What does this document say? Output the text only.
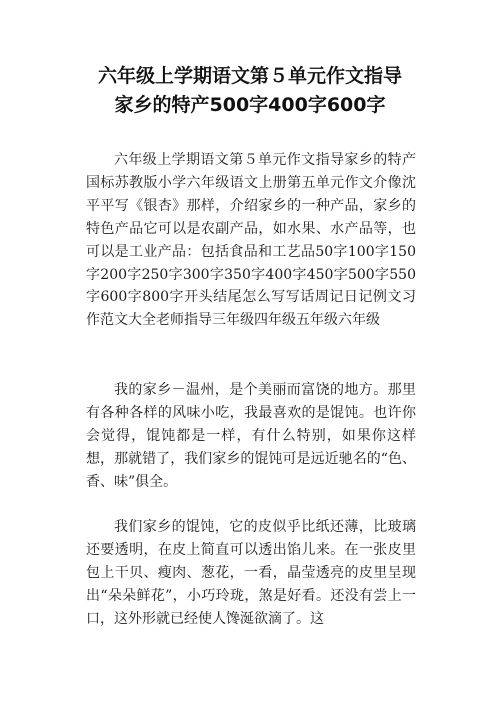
六年级上学期语文第５单元作文指导
家乡的特产500字400字600字

六年级上学期语文第５单元作文指导家乡的特产国标苏教版小学六年级语文上册第五单元作文介像沈平平写《银杏》那样，介绍家乡的一种产品，家乡的特色产品它可以是农副产品，如水果、水产品等，也可以是工业产品：包括食品和工艺品50字100字150字200字250字300字350字400字450字500字550字600字800字开头结尾怎么写写话周记日记例文习作范文大全老师指导三年级四年级五年级六年级

我的家乡－温州，是个美丽而富饶的地方。那里有各种各样的风味小吃，我最喜欢的是馄饨。也许你会觉得，馄饨都是一样，有什么特别，如果你这样想，那就错了，我们家乡的馄饨可是远近驰名的“色、香、味”俱全。

我们家乡的馄饨，它的皮似乎比纸还薄，比玻璃还要透明，在皮上简直可以透出馅儿来。在一张皮里包上干贝、瘦肉、葱花，一看，晶莹透亮的皮里呈现出“朵朵鲜花”，小巧玲珑，煞是好看。还没有尝上一口，这外形就已经使人馋涎欲滴了。这
